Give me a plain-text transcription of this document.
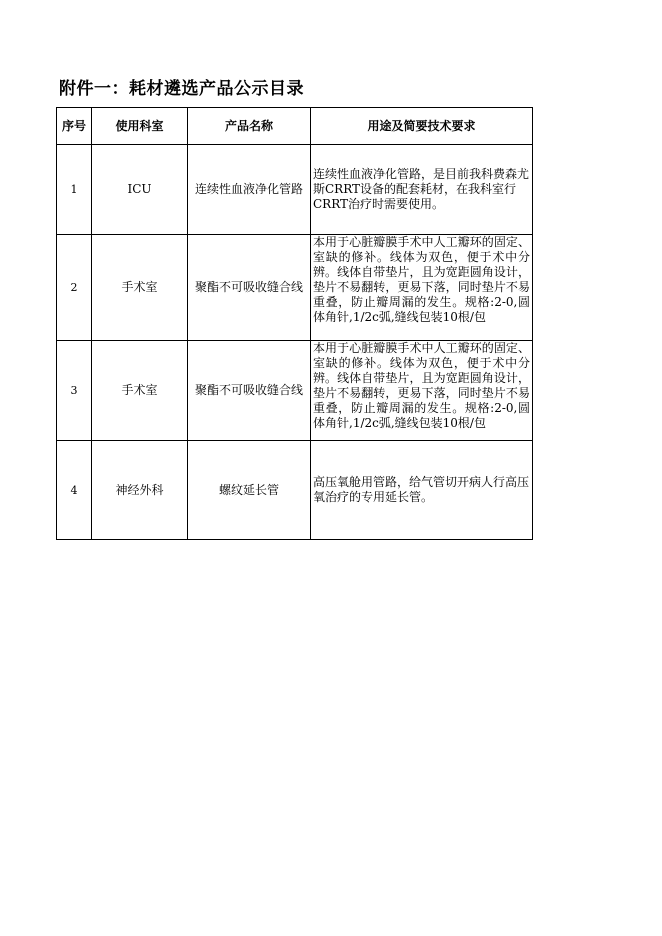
附件一：耗材遴选产品公示目录
序号	使用科室	产品名称	用途及简要技术要求
1	ICU	连续性血液净化管路	连续性血液净化管路，是目前我科费森尤斯CRRT设备的配套耗材，在我科室行CRRT治疗时需要使用。

2	手术室	聚酯不可吸收缝合线	本用于心脏瓣膜手术中人工瓣环的固定、室缺的修补。线体为双色，便于术中分辨。线体自带垫片，且为宽距圆角设计，垫片不易翻转，更易下落，同时垫片不易重叠，防止瓣周漏的发生。规格:2-0,圆体角针,1/2c弧,缝线包装10根/包

3	手术室	聚酯不可吸收缝合线	本用于心脏瓣膜手术中人工瓣环的固定、室缺的修补。线体为双色，便于术中分辨。线体自带垫片，且为宽距圆角设计，垫片不易翻转，更易下落，同时垫片不易重叠，防止瓣周漏的发生。规格:2-0,圆体角针,1/2c弧,缝线包装10根/包

4	神经外科	螺纹延长管	高压氧舱用管路，给气管切开病人行高压氧治疗的专用延长管。
